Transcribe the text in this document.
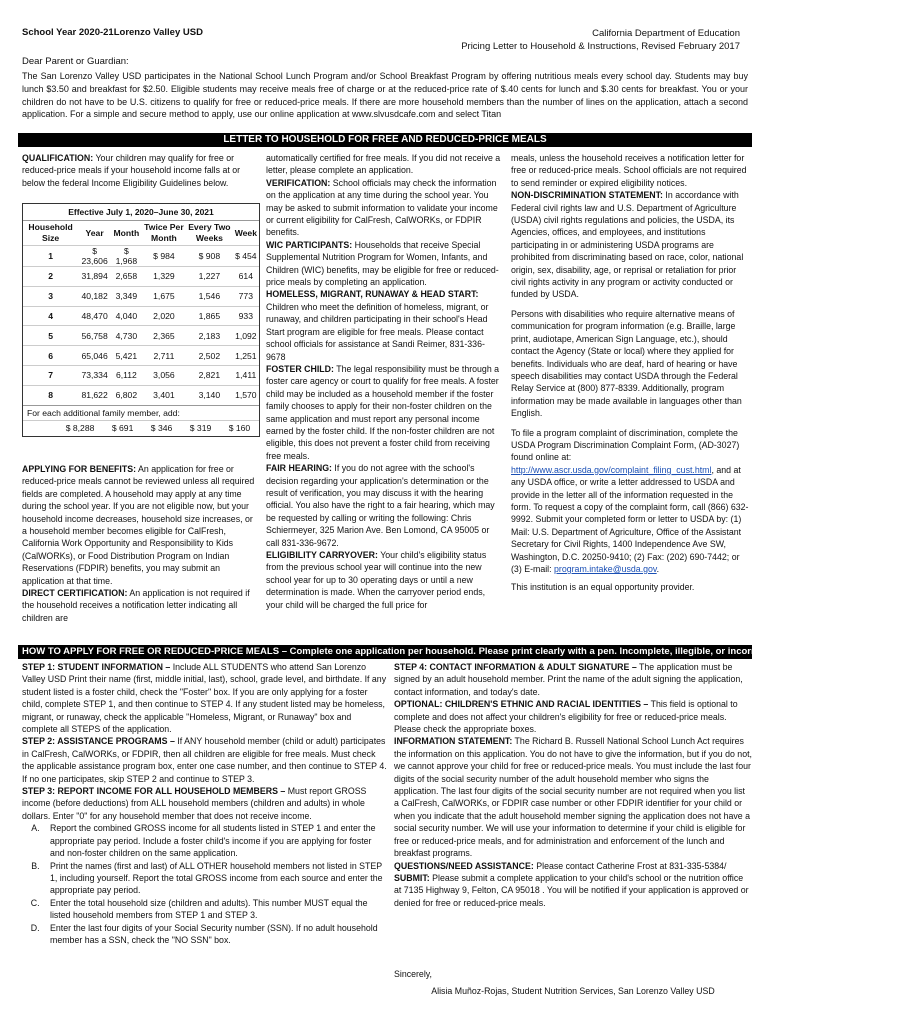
School Year 2020-21Lorenzo Valley USD	California Department of Education
Pricing Letter to Household & Instructions, Revised February 2017
Dear Parent or Guardian:
The San Lorenzo Valley USD participates in the National School Lunch Program and/or School Breakfast Program by offering nutritious meals every school day. Students may buy lunch $3.50 and breakfast for $2.50. Eligible students may receive meals free of charge or at the reduced-price rate of $.40 cents for lunch and $.30 cents for breakfast. You or your children do not have to be U.S. citizens to qualify for free or reduced-price meals. If there are more household members than the number of lines on the application, attach a second application. For a simple and secure method to apply, use our online application at www.slvusdcafe.com and select Titan
LETTER TO HOUSEHOLD FOR FREE AND REDUCED-PRICE MEALS

QUALIFICATION: Your children may qualify for free or reduced-price meals if your household income falls at or below the federal Income Eligibility Guidelines below.

Effective July 1, 2020–June 30, 2021
Household Size	Year	Month	Twice Per Month	Every Two Weeks	Week
1	$ 23,606	$ 1,968	$ 984	$ 908	$ 454
2	31,894	2,658	1,329	1,227	614
3	40,182	3,349	1,675	1,546	773
4	48,470	4,040	2,020	1,865	933
5	56,758	4,730	2,365	2,183	1,092
6	65,046	5,421	2,711	2,502	1,251
7	73,334	6,112	3,056	2,821	1,411
8	81,622	6,802	3,401	3,140	1,570
For each additional family member, add:
$ 8,288 $ 691 $ 346 $ 319 $ 160

APPLYING FOR BENEFITS: An application for free or reduced-price meals cannot be reviewed unless all required fields are completed. A household may apply at any time during the school year. If you are not eligible now, but your household income decreases, household size increases, or a household member becomes eligible for CalFresh, California Work Opportunity and Responsibility to Kids (CalWORKs), or Food Distribution Program on Indian Reservations (FDPIR) benefits, you may submit an application at that time.

DIRECT CERTIFICATION: An application is not required if the household receives a notification letter indicating all children are

automatically certified for free meals. If you did not receive a letter, please complete an application.

VERIFICATION: School officials may check the information on the application at any time during the school year. You may be asked to submit information to validate your income or current eligibility for CalFresh, CalWORKs, or FDPIR benefits.

WIC PARTICIPANTS: Households that receive Special Supplemental Nutrition Program for Women, Infants, and Children (WIC) benefits, may be eligible for free or reduced-price meals by completing an application.

HOMELESS, MIGRANT, RUNAWAY & HEAD START: Children who meet the definition of homeless, migrant, or runaway, and children participating in their school's Head Start program are eligible for free meals. Please contact school officials for assistance at Sandi Reimer, 831-336-9678

FOSTER CHILD: The legal responsibility must be through a foster care agency or court to qualify for free meals. A foster child may be included as a household member if the foster family chooses to apply for their non-foster children on the same application and must report any personal income earned by the foster child. If the non-foster children are not eligible, this does not prevent a foster child from receiving free meals.

FAIR HEARING: If you do not agree with the school's decision regarding your application's determination or the result of verification, you may discuss it with the hearing official. You also have the right to a fair hearing, which may be requested by calling or writing the following: Chris Schiermeyer, 325 Marion Ave. Ben Lomond, CA 95005 or call 831-336-9672.

ELIGIBILITY CARRYOVER: Your child's eligibility status from the previous school year will continue into the new school year for up to 30 operating days or until a new determination is made. When the carryover period ends, your child will be charged the full price for

meals, unless the household receives a notification letter for free or reduced-price meals. School officials are not required to send reminder or expired eligibility notices.

NON-DISCRIMINATION STATEMENT: In accordance with Federal civil rights law and U.S. Department of Agriculture (USDA) civil rights regulations and policies, the USDA, its Agencies, offices, and employees, and institutions participating in or administering USDA programs are prohibited from discriminating based on race, color, national origin, sex, disability, age, or reprisal or retaliation for prior civil rights activity in any program or activity conducted or funded by USDA.

Persons with disabilities who require alternative means of communication for program information (e.g. Braille, large print, audiotape, American Sign Language, etc.), should contact the Agency (State or local) where they applied for benefits. Individuals who are deaf, hard of hearing or have speech disabilities may contact USDA through the Federal Relay Service at (800) 877-8339. Additionally, program information may be made available in languages other than English.

To file a program complaint of discrimination, complete the USDA Program Discrimination Complaint Form, (AD-3027) found online at: http://www.ascr.usda.gov/complaint_filing_cust.html, and at any USDA office, or write a letter addressed to USDA and provide in the letter all of the information requested in the form. To request a copy of the complaint form, call (866) 632-9992. Submit your completed form or letter to USDA by: (1) Mail: U.S. Department of Agriculture, Office of the Assistant Secretary for Civil Rights, 1400 Independence Ave SW, Washington, D.C. 20250-9410; (2) Fax: (202) 690-7442; or

(3) E-mail: program.intake@usda.gov.

This institution is an equal opportunity provider.

HOW TO APPLY FOR FREE OR REDUCED-PRICE MEALS – Complete one application per household. Please print clearly with a pen. Incomplete, illegible, or incorrect information will delay processing.

STEP 1: STUDENT INFORMATION – Include ALL STUDENTS who attend San Lorenzo Valley USD Print their name (first, middle initial, last), school, grade level, and birthdate. If any student listed is a foster child, check the "Foster" box. If you are only applying for a foster child, complete STEP 1, and then continue to STEP 4. If any student listed may be homeless, migrant, or runaway, check the applicable "Homeless, Migrant, or Runaway" box and complete all STEPS of the application.

STEP 2: ASSISTANCE PROGRAMS – If ANY household member (child or adult) participates in CalFresh, CalWORKs, or FDPIR, then all children are eligible for free meals. Must check the applicable assistance program box, enter one case number, and then continue to STEP 4. If no one participates, skip STEP 2 and continue to STEP 3.

STEP 3: REPORT INCOME FOR ALL HOUSEHOLD MEMBERS – Must report GROSS income (before deductions) from ALL household members (children and adults) in whole dollars. Enter "0" for any household member that does not receive income.

A. Report the combined GROSS income for all students listed in STEP 1 and enter the appropriate pay period. Include a foster child's income if you are applying for foster and non-foster children on the same application.
B. Print the names (first and last) of ALL OTHER household members not listed in STEP 1, including yourself. Report the total GROSS income from each source and enter the appropriate pay period.
C. Enter the total household size (children and adults). This number MUST equal the listed household members from STEP 1 and STEP 3.
D. Enter the last four digits of your Social Security number (SSN). If no adult household member has a SSN, check the "NO SSN" box.

STEP 4: CONTACT INFORMATION & ADULT SIGNATURE – The application must be signed by an adult household member. Print the name of the adult signing the application, contact information, and today's date.

OPTIONAL: CHILDREN'S ETHNIC AND RACIAL IDENTITIES – This field is optional to complete and does not affect your children's eligibility for free or reduced-price meals. Please check the appropriate boxes.

INFORMATION STATEMENT: The Richard B. Russell National School Lunch Act requires the information on this application. You do not have to give the information, but if you do not, we cannot approve your child for free or reduced-price meals. You must include the last four digits of the social security number of the adult household member who signs the application. The last four digits of the social security number are not required when you list a CalFresh, CalWORKs, or FDPIR case number or other FDPIR identifier for your child or when you indicate that the adult household member signing the application does not have a social security number. We will use your information to determine if your child is eligible for free or reduced-price meals, and for administration and enforcement of the lunch and breakfast programs.

QUESTIONS/NEED ASSISTANCE: Please contact Catherine Frost at 831-335-5384/

SUBMIT: Please submit a complete application to your child's school or the nutrition office at 7135 Highway 9, Felton, CA 95018 . You will be notified if your application is approved or denied for free or reduced-price meals.

Sincerely,
Alisia Muñoz-Rojas, Student Nutrition Services, San Lorenzo Valley USD
